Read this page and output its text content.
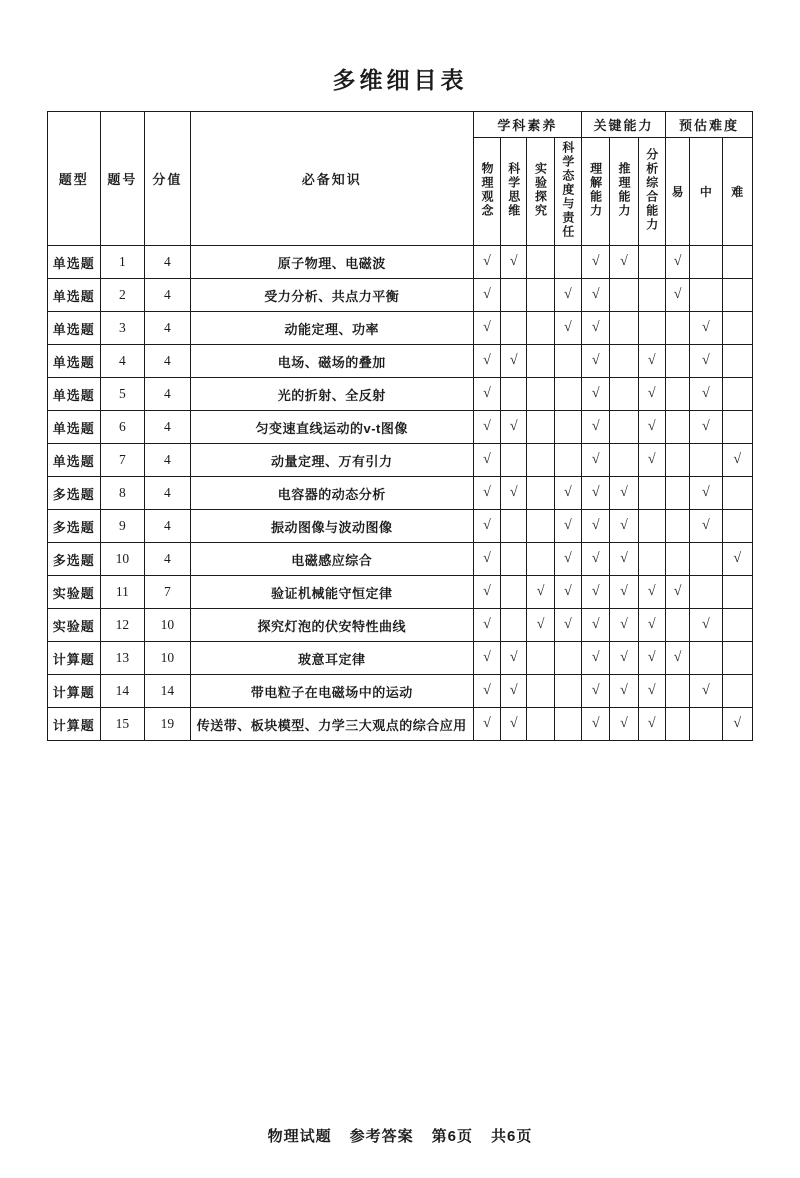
多维细目表
题型	题号	分值	必备知识	学科素养				关键能力			预估难度		
				物理观念	科学思维	实验探究	科学态度与责任	理解能力	推理能力	分析综合能力	易	中	难
单选题	1	4	原子物理、电磁波	√	√			√	√		√		
单选题	2	4	受力分析、共点力平衡	√			√	√			√		
单选题	3	4	动能定理、功率	√			√	√				√	
单选题	4	4	电场、磁场的叠加	√	√			√		√		√	
单选题	5	4	光的折射、全反射	√				√		√		√	
单选题	6	4	匀变速直线运动的v-t图像	√	√			√		√		√	
单选题	7	4	动量定理、万有引力	√				√		√			√
多选题	8	4	电容器的动态分析	√	√		√	√	√			√	
多选题	9	4	振动图像与波动图像	√			√	√	√			√	
多选题	10	4	电磁感应综合	√			√	√	√				√
实验题	11	7	验证机械能守恒定律	√		√	√	√	√	√	√		
实验题	12	10	探究灯泡的伏安特性曲线	√		√	√	√	√	√		√	
计算题	13	10	玻意耳定律	√	√			√	√	√	√		
计算题	14	14	带电粒子在电磁场中的运动	√	√			√	√	√		√	
计算题	15	19	传送带、板块模型、力学三大观点的综合应用	√	√			√	√	√			√
物理试题 参考答案 第6页 共6页
